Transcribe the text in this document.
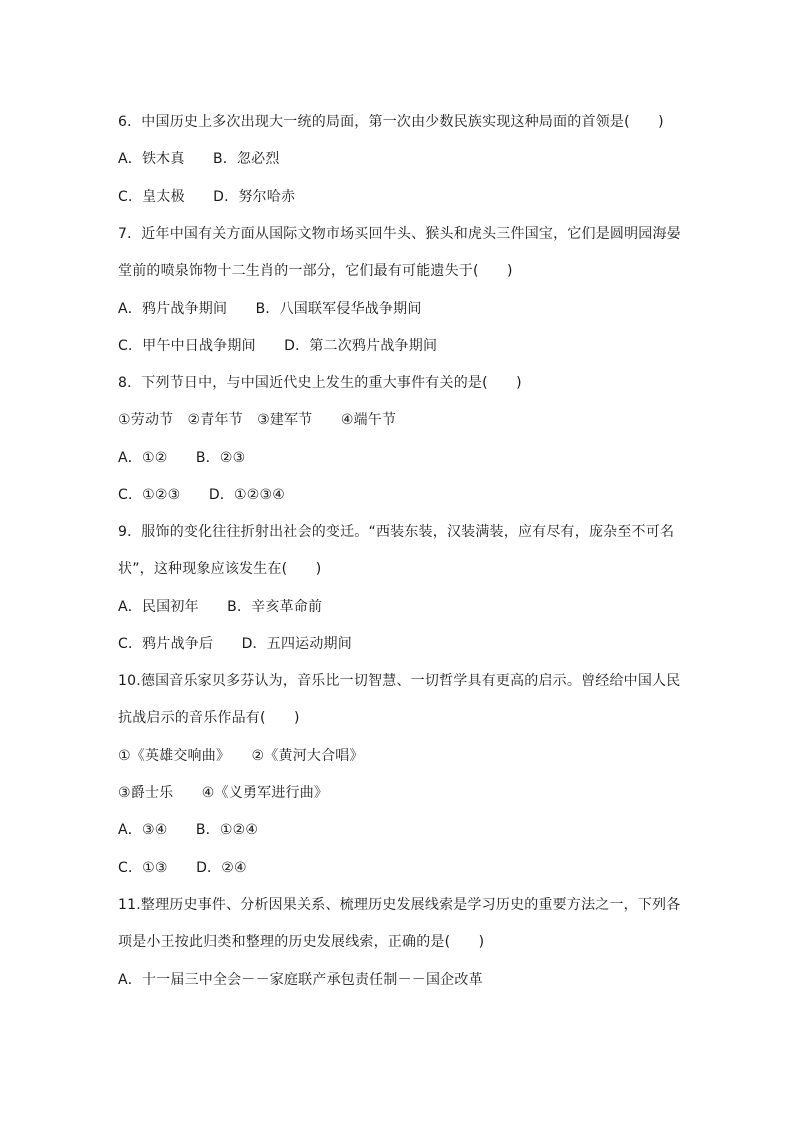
6．中国历史上多次出现大一统的局面，第一次由少数民族实现这种局面的首领是(　　)
A．铁木真　　B．忽必烈
C．皇太极　　D．努尔哈赤
7．近年中国有关方面从国际文物市场买回牛头、猴头和虎头三件国宝，它们是圆明园海晏
堂前的喷泉饰物十二生肖的一部分，它们最有可能遗失于(　　)
A．鸦片战争期间　　B．八国联军侵华战争期间
C．甲午中日战争期间　　D．第二次鸦片战争期间
8．下列节日中，与中国近代史上发生的重大事件有关的是(　　)
①劳动节　②青年节　③建军节　　④端午节
A．①②　　B．②③
C．①②③　　D．①②③④
9．服饰的变化往往折射出社会的变迁。“西装东装，汉装满装，应有尽有，庞杂至不可名
状”，这种现象应该发生在(　　)
A．民国初年　　B．辛亥革命前
C．鸦片战争后　　D．五四运动期间
10.德国音乐家贝多芬认为，音乐比一切智慧、一切哲学具有更高的启示。曾经给中国人民
抗战启示的音乐作品有(　　)
①《英雄交响曲》　　②《黄河大合唱》
③爵士乐　　④《义勇军进行曲》
A．③④　　B．①②④
C．①③　　D．②④
11.整理历史事件、分析因果关系、梳理历史发展线索是学习历史的重要方法之一，下列各
项是小王按此归类和整理的历史发展线索，正确的是(　　)
A．十一届三中全会－－家庭联产承包责任制－－国企改革
